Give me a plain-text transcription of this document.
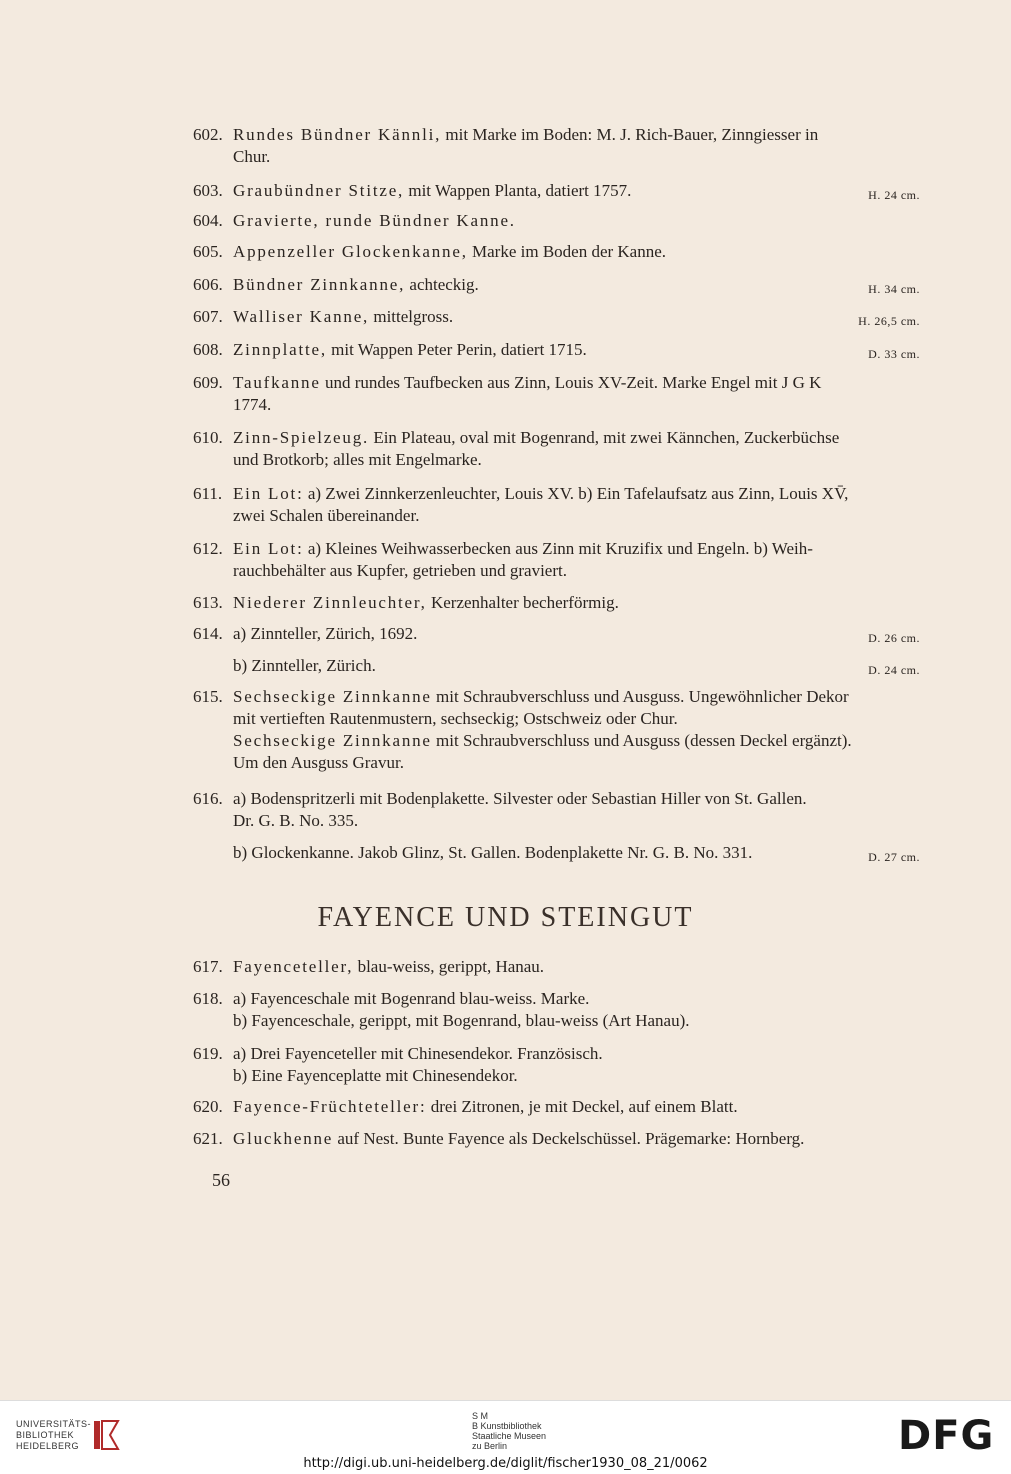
602. Rundes Bündner Kännli, mit Marke im Boden: M. J. Rich-Bauer, Zinngiesser in
Chur.
603. Graubündner Stitze, mit Wappen Planta, datiert 1757.	H. 24 cm.
604. Gravierte, runde Bündner Kanne.
605. Appenzeller Glockenkanne, Marke im Boden der Kanne.
606. Bündner Zinnkanne, achteckig.	H. 34 cm.
607. Walliser Kanne, mittelgross.	H. 26,5 cm.
608. Zinnplatte, mit Wappen Peter Perin, datiert 1715.	D. 33 cm.
609. Taufkanne und rundes Taufbecken aus Zinn, Louis XV-Zeit. Marke Engel mit J G K
1774.
610. Zinn-Spielzeug. Ein Plateau, oval mit Bogenrand, mit zwei Kännchen, Zuckerbüchse
und Brotkorb; alles mit Engelmarke.
611. Ein Lot: a) Zwei Zinnkerzenleuchter, Louis XV. b) Ein Tafelaufsatz aus Zinn, Louis XV̄,
zwei Schalen übereinander.
612. Ein Lot: a) Kleines Weihwasserbecken aus Zinn mit Kruzifix und Engeln. b) Weih-
rauchbehälter aus Kupfer, getrieben und graviert.
613. Niederer Zinnleuchter, Kerzenhalter becherförmig.
614. a) Zinnteller, Zürich, 1692.	D. 26 cm.
b) Zinnteller, Zürich.	D. 24 cm.
615. Sechseckige Zinnkanne mit Schraubverschluss und Ausguss. Ungewöhnlicher Dekor
mit vertieften Rautenmustern, sechseckig; Ostschweiz oder Chur.
Sechseckige Zinnkanne mit Schraubverschluss und Ausguss (dessen Deckel ergänzt).
Um den Ausguss Gravur.
616. a) Bodenspritzerli mit Bodenplakette. Silvester oder Sebastian Hiller von St. Gallen.
Dr. G. B. No. 335.
b) Glockenkanne. Jakob Glinz, St. Gallen. Bodenplakette Nr. G. B. No. 331.	D. 27 cm.
617. Fayenceteller, blau-weiss, gerippt, Hanau.
618. a) Fayenceschale mit Bogenrand blau-weiss. Marke.
b) Fayenceschale, gerippt, mit Bogenrand, blau-weiss (Art Hanau).
619. a) Drei Fayenceteller mit Chinesendekor. Französisch.
b) Eine Fayenceplatte mit Chinesendekor.
620. Fayence-Früchteteller: drei Zitronen, je mit Deckel, auf einem Blatt.
621. Gluckhenne auf Nest. Bunte Fayence als Deckelschüssel. Prägemarke: Hornberg.
FAYENCE UND STEINGUT
56
UNIVERSITÄTS-
BIBLIOTHEK
HEIDELBERG
S M
B Kunstbibliothek
Staatliche Museen
zu Berlin	DFG
http://digi.ub.uni-heidelberg.de/diglit/fischer1930_08_21/0062
